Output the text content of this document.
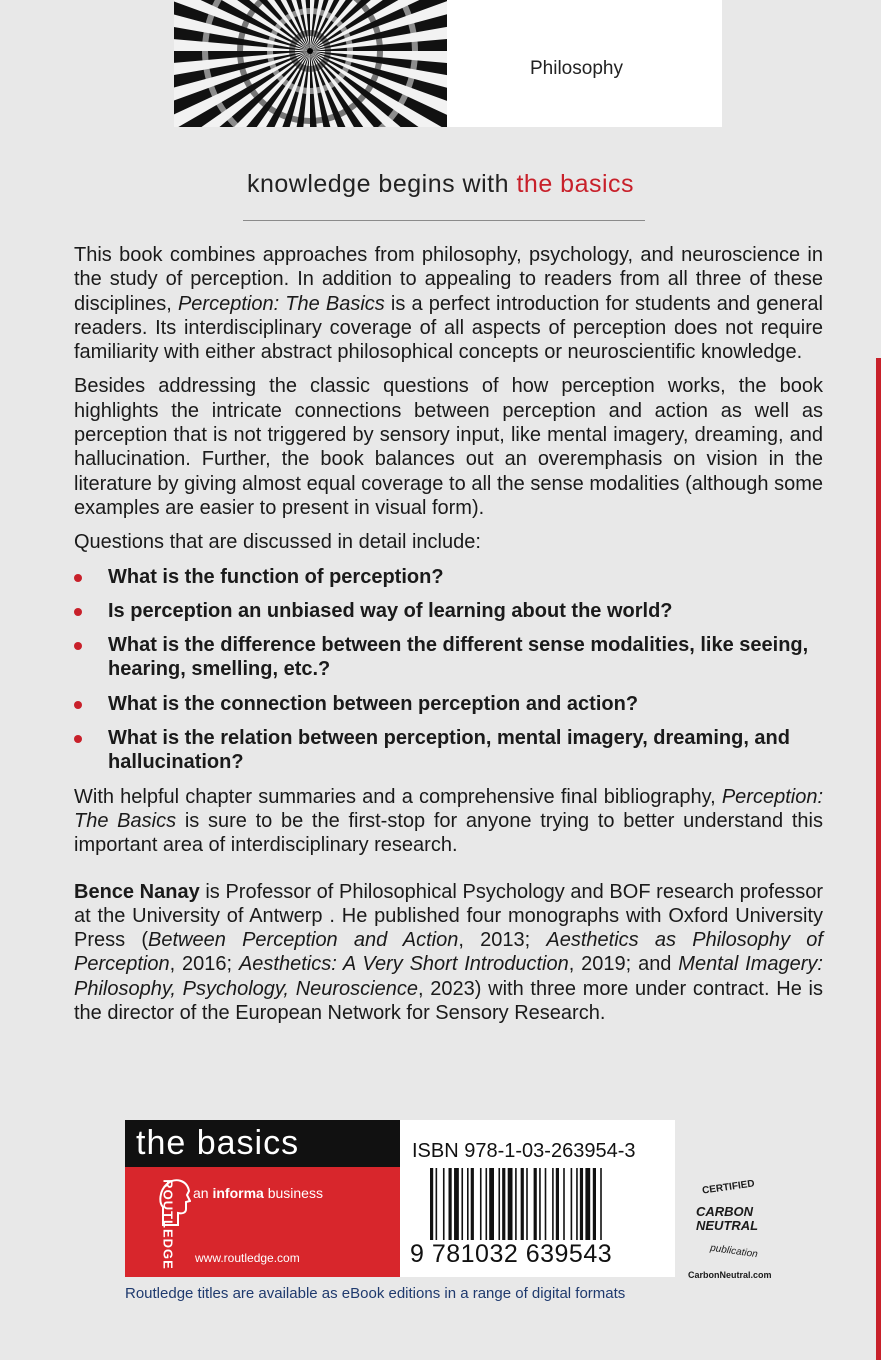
Philosophy
knowledge begins with the basics

This book combines approaches from philosophy, psychology, and neuroscience in the study of perception. In addition to appealing to readers from all three of these disciplines, Perception: The Basics is a perfect introduction for students and general readers. Its interdisciplinary coverage of all aspects of perception does not require familiarity with either abstract philosophical concepts or neuroscientific knowledge.

Besides addressing the classic questions of how perception works, the book highlights the intricate connections between perception and action as well as perception that is not triggered by sensory input, like mental imagery, dreaming, and hallucination. Further, the book balances out an overemphasis on vision in the literature by giving almost equal coverage to all the sense modalities (although some examples are easier to present in visual form).

Questions that are discussed in detail include:

What is the function of perception?
Is perception an unbiased way of learning about the world?
What is the difference between the different sense modalities, like seeing, hearing, smelling, etc.?
What is the connection between perception and action?
What is the relation between perception, mental imagery, dreaming, and hallucination?

With helpful chapter summaries and a comprehensive final bibliography, Perception: The Basics is sure to be the first-stop for anyone trying to better understand this important area of interdisciplinary research.

Bence Nanay is Professor of Philosophical Psychology and BOF research professor at the University of Antwerp . He published four monographs with Oxford University Press (Between Perception and Action, 2013; Aesthetics as Philosophy of Perception, 2016; Aesthetics: A Very Short Introduction, 2019; and Mental Imagery: Philosophy, Psychology, Neuroscience, 2023) with three more under contract. He is the director of the European Network for Sensory Research.

the basics
ROUTLEDGE an informa business
www.routledge.com
ISBN 978-1-03-263954-3
9 781032 639543
CERTIFIED
CARBON
NEUTRAL
publication
CarbonNeutral.com
Routledge titles are available as eBook editions in a range of digital formats
